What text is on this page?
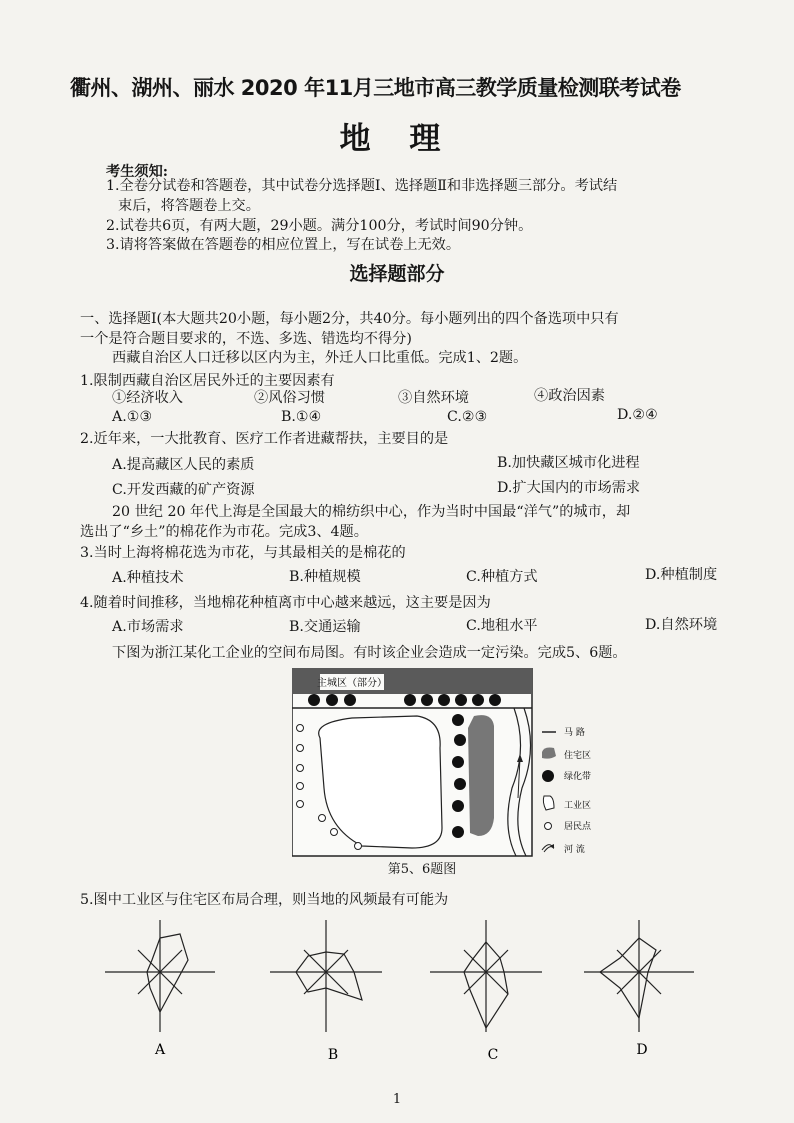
衢州、湖州、丽水 2020 年11月三地市高三教学质量检测联考试卷
地 理
考生须知:
1.全卷分试卷和答题卷，其中试卷分选择题Ⅰ、选择题Ⅱ和非选择题三部分。考试结
束后，将答题卷上交。
2.试卷共6页，有两大题，29小题。满分100分，考试时间90分钟。
3.请将答案做在答题卷的相应位置上，写在试卷上无效。
选择题部分
一、选择题Ⅰ(本大题共20小题，每小题2分，共40分。每小题列出的四个备选项中只有
一个是符合题目要求的，不选、多选、错选均不得分)
西藏自治区人口迁移以区内为主，外迁人口比重低。完成1、2题。
1.限制西藏自治区居民外迁的主要因素有
①经济收入	②风俗习惯	③自然环境	④政治因素
A.①③	B.①④	C.②③	D.②④
2.近年来，一大批教育、医疗工作者进藏帮扶，主要目的是
A.提高藏区人民的素质	B.加快藏区城市化进程
C.开发西藏的矿产资源	D.扩大国内的市场需求
20 世纪 20 年代上海是全国最大的棉纺织中心，作为当时中国最“洋气”的城市，却
选出了“乡土”的棉花作为市花。完成3、4题。
3.当时上海将棉花选为市花，与其最相关的是棉花的
A.种植技术	B.种植规模	C.种植方式	D.种植制度
4.随着时间推移，当地棉花种植离市中心越来越远，这主要是因为
A.市场需求	B.交通运输	C.地租水平	D.自然环境
下图为浙江某化工企业的空间布局图。有时该企业会造成一定污染。完成5、6题。
主城区（部分）
马 路
住宅区
绿化带
工业区
居民点
河 流
第5、6题图
5.图中工业区与住宅区布局合理，则当地的风频最有可能为
A	B	C	D
1
